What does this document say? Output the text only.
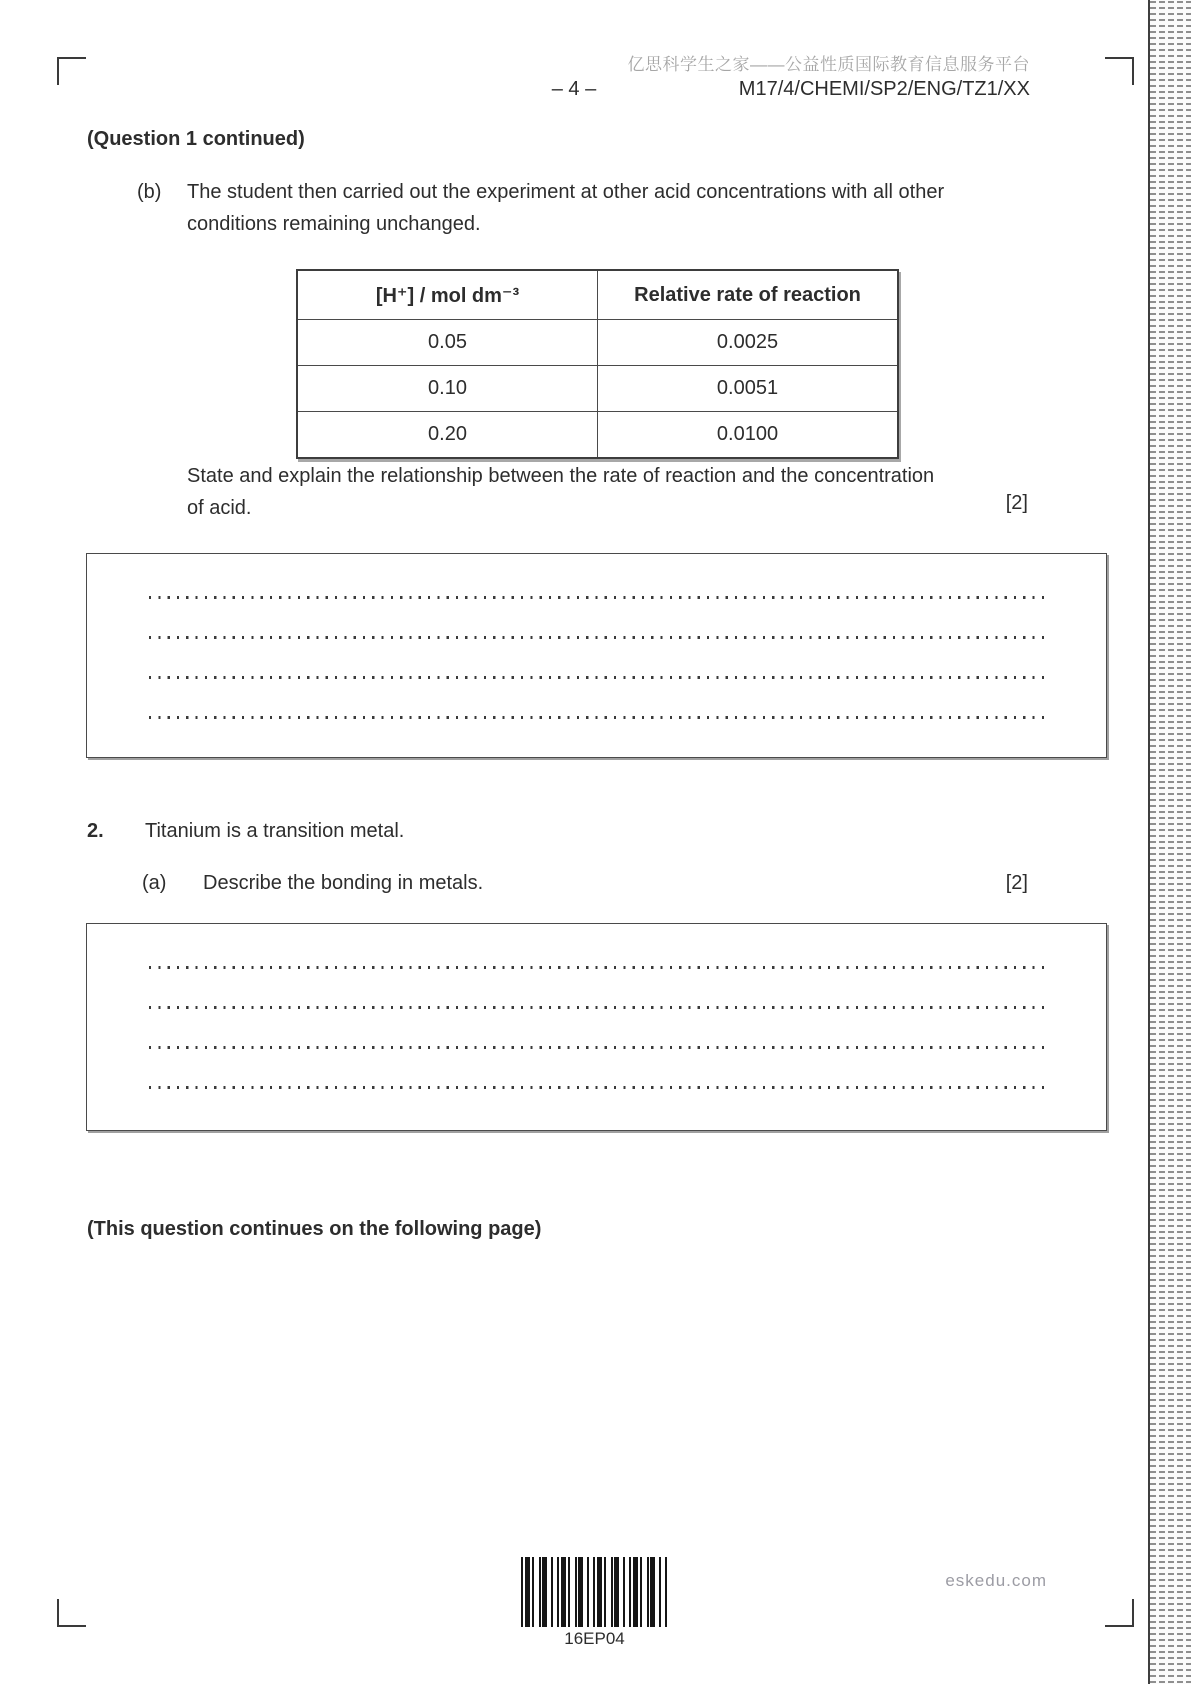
亿思科学生之家——公益性质国际教育信息服务平台
– 4 –	M17/4/CHEMI/SP2/ENG/TZ1/XX
(Question 1 continued)
(b) The student then carried out the experiment at other acid concentrations with all other
conditions remaining unchanged.
[H⁺] / mol dm⁻³	Relative rate of reaction
0.05	0.0025
0.10	0.0051
0.20	0.0100
State and explain the relationship between the rate of reaction and the concentration
of acid.	[2]
2. Titanium is a transition metal.
(a) Describe the bonding in metals.	[2]
(This question continues on the following page)
16EP04
eskedu.com
